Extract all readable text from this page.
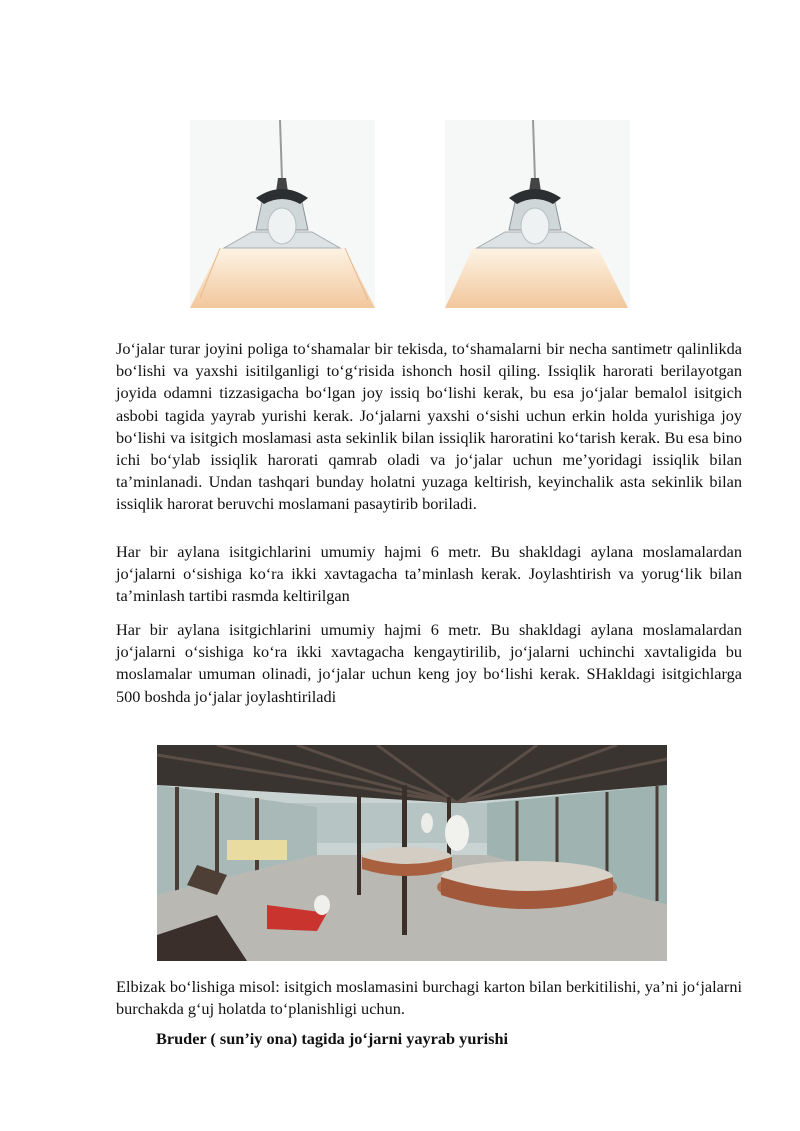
Jo‘jalar turar joyini poliga to‘shamalar bir tekisda, to‘shamalarni bir necha santimetr qalinlikda bo‘lishi va yaxshi isitilganligi to‘g‘risida ishonch hosil qiling. Issiqlik harorati berilayotgan joyida odamni tizzasigacha bo‘lgan joy issiq bo‘lishi kerak, bu esa jo‘jalar bemalol isitgich asbobi tagida yayrab yurishi kerak. Jo‘jalarni yaxshi o‘sishi uchun erkin holda yurishiga joy bo‘lishi va isitgich moslamasi asta sekinlik bilan issiqlik haroratini ko‘tarish kerak. Bu esa bino ichi bo‘ylab issiqlik harorati qamrab oladi va jo‘jalar uchun me’yoridagi issiqlik bilan ta’minlanadi. Undan tashqari bunday holatni yuzaga keltirish, keyinchalik asta sekinlik bilan issiqlik harorat beruvchi moslamani pasaytirib boriladi.

Har bir aylana isitgichlarini umumiy hajmi 6 metr. Bu shakldagi aylana moslamalardan jo‘jalarni o‘sishiga ko‘ra ikki xavtagacha ta’minlash kerak. Joylashtirish va yorug‘lik bilan ta’minlash tartibi rasmda keltirilgan

Har bir aylana isitgichlarini umumiy hajmi 6 metr. Bu shakldagi aylana moslamalardan jo‘jalarni o‘sishiga ko‘ra ikki xavtagacha kengaytirilib, jo‘jalarni uchinchi xavtaligida bu moslamalar umuman olinadi, jo‘jalar uchun keng joy bo‘lishi kerak. SHakldagi isitgichlarga 500 boshda jo‘jalar joylashtiriladi

Elbizak bo‘lishiga misol: isitgich moslamasini burchagi karton bilan berkitilishi, ya’ni jo‘jalarni burchakda g‘uj holatda to‘planishligi uchun.

Bruder ( sun’iy ona) tagida jo‘jarni yayrab yurishi
